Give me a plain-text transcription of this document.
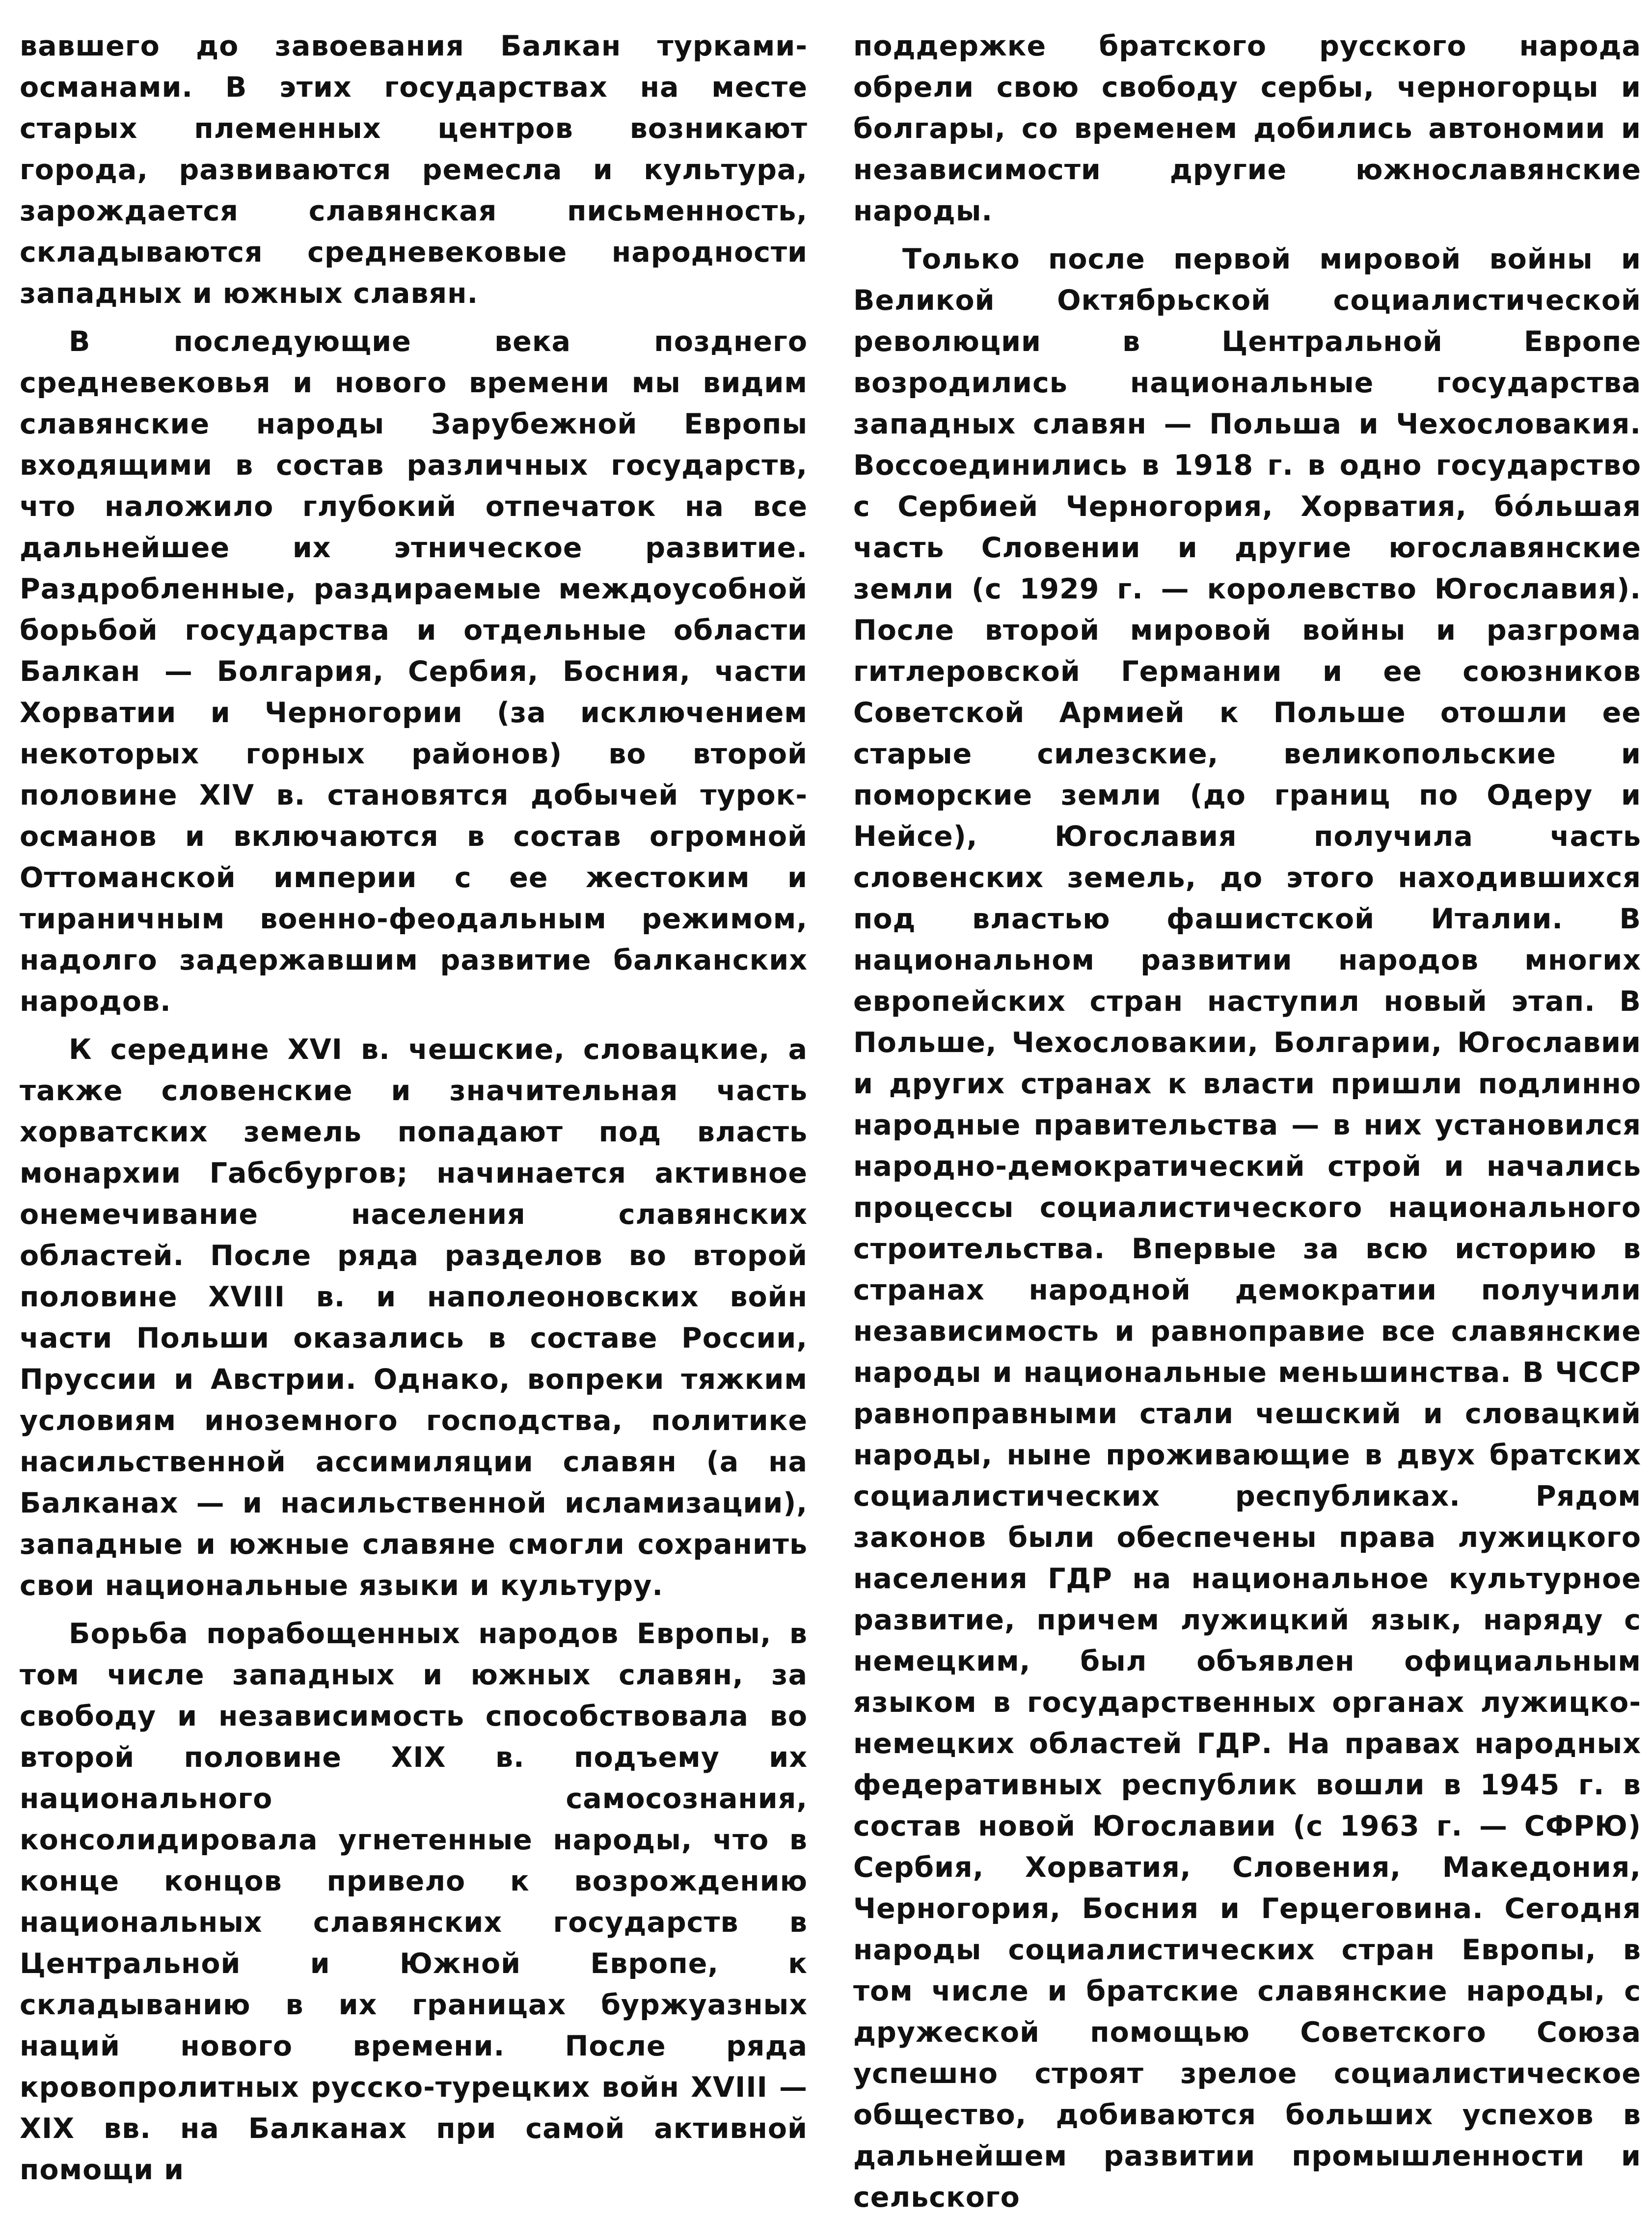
вавшего до завоевания Балкан турками-османами. В этих государствах на месте старых племенных центров возникают города, развиваются ремесла и культура, зарождается славянская письменность, складываются средневековые народности западных и южных славян.

В последующие века позднего средневековья и нового времени мы видим славянские народы Зарубежной Европы входящими в состав различных государств, что наложило глубокий отпечаток на все дальнейшее их этническое развитие. Раздробленные, раздираемые междоусобной борьбой государства и отдельные области Балкан — Болгария, Сербия, Босния, части Хорватии и Черногории (за исключением некоторых горных районов) во второй половине XIV в. становятся добычей турок-османов и включаются в состав огромной Оттоманской империи с ее жестоким и тираничным военно-феодальным режимом, надолго задержавшим развитие балканских народов.

К середине XVI в. чешские, словацкие, а также словенские и значительная часть хорватских земель попадают под власть монархии Габсбургов; начинается активное онемечивание населения славянских областей. После ряда разделов во второй половине XVIII в. и наполеоновских войн части Польши оказались в составе России, Пруссии и Австрии. Однако, вопреки тяжким условиям иноземного господства, политике насильственной ассимиляции славян (а на Балканах — и насильственной исламизации), западные и южные славяне смогли сохранить свои национальные языки и культуру.

Борьба порабощенных народов Европы, в том числе западных и южных славян, за свободу и независимость способствовала во второй половине XIX в. подъему их национального самосознания, консолидировала угнетенные народы, что в конце концов привело к возрождению национальных славянских государств в Центральной и Южной Европе, к складыванию в их границах буржуазных наций нового времени. После ряда кровопролитных русско-турецких войн XVIII — XIX вв. на Балканах при самой активной помощи и

поддержке братского русского народа обрели свою свободу сербы, черногорцы и болгары, со временем добились автономии и независимости другие южнославянские народы.

Только после первой мировой войны и Великой Октябрьской социалистической революции в Центральной Европе возродились национальные государства западных славян — Польша и Чехословакия. Воссоединились в 1918 г. в одно государство с Сербией Черногория, Хорватия, бóльшая часть Словении и другие югославянские земли (с 1929 г. — королевство Югославия). После второй мировой войны и разгрома гитлеровской Германии и ее союзников Советской Армией к Польше отошли ее старые силезские, великопольские и поморские земли (до границ по Одеру и Нейсе), Югославия получила часть словенских земель, до этого находившихся под властью фашистской Италии. В национальном развитии народов многих европейских стран наступил новый этап. В Польше, Чехословакии, Болгарии, Югославии и других странах к власти пришли подлинно народные правительства — в них установился народно-демократический строй и начались процессы социалистического национального строительства. Впервые за всю историю в странах народной демократии получили независимость и равноправие все славянские народы и национальные меньшинства. В ЧССР равноправными стали чешский и словацкий народы, ныне проживающие в двух братских социалистических республиках. Рядом законов были обеспечены права лужицкого населения ГДР на национальное культурное развитие, причем лужицкий язык, наряду с немецким, был объявлен официальным языком в государственных органах лужицко-немецких областей ГДР. На правах народных федеративных республик вошли в 1945 г. в состав новой Югославии (с 1963 г. — СФРЮ) Сербия, Хорватия, Словения, Македония, Черногория, Босния и Герцеговина. Сегодня народы социалистических стран Европы, в том числе и братские славянские народы, с дружеской помощью Советского Союза успешно строят зрелое социалистическое общество, добиваются больших успехов в дальнейшем развитии промышленности и сельского
